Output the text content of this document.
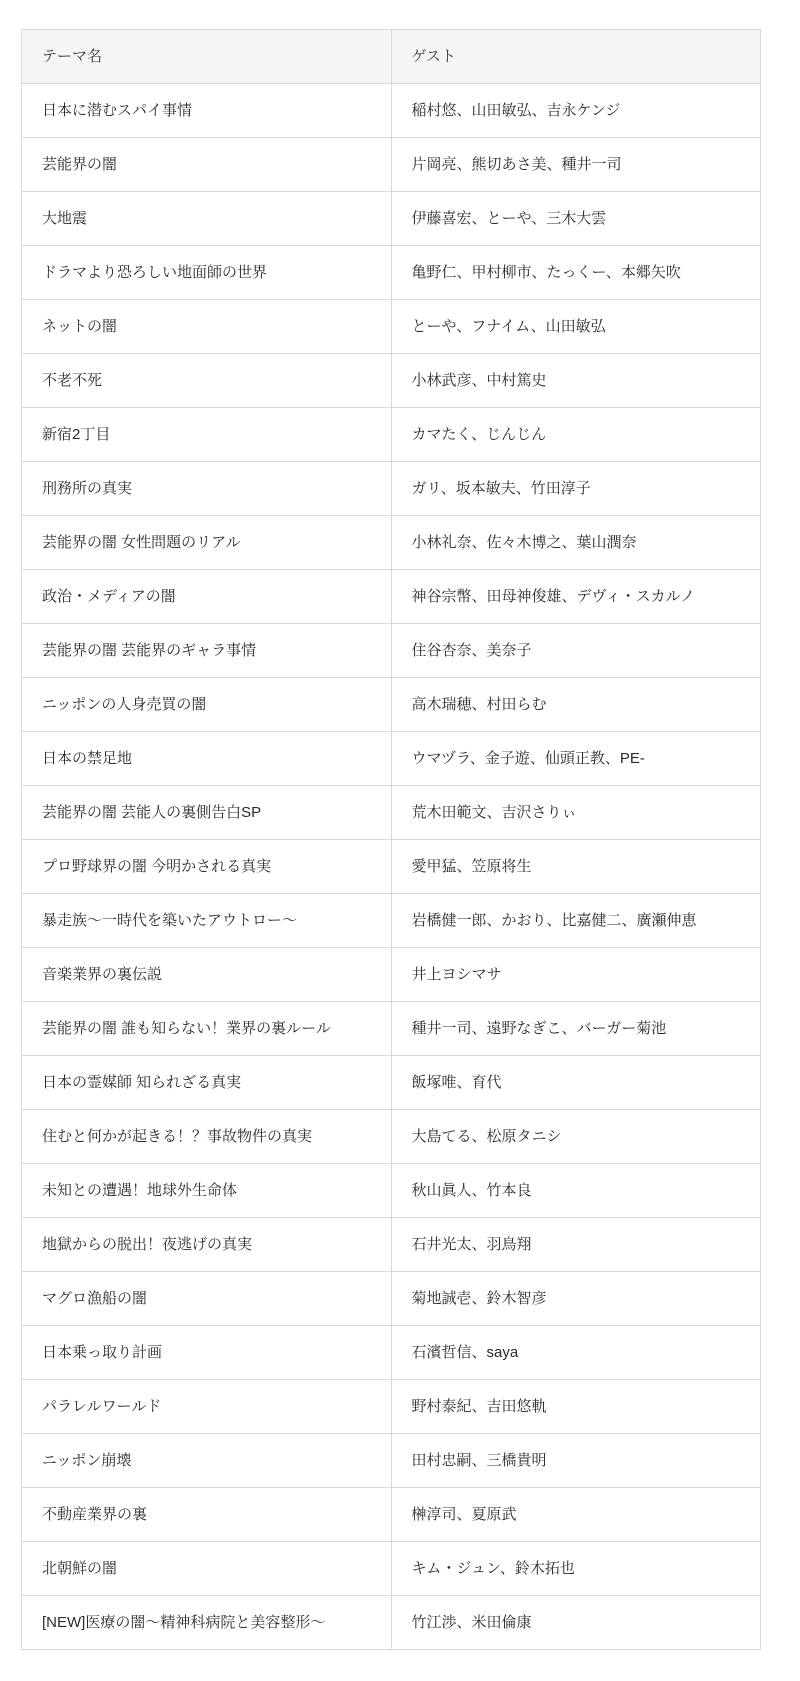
テーマ名	ゲスト
日本に潜むスパイ事情	稲村悠、山田敏弘、吉永ケンジ
芸能界の闇	片岡亮、熊切あさ美、種井一司
大地震	伊藤喜宏、とーや、三木大雲
ドラマより恐ろしい地面師の世界	亀野仁、甲村柳市、たっくー、本郷矢吹
ネットの闇	とーや、フナイム、山田敏弘
不老不死	小林武彦、中村篤史
新宿2丁目	カマたく、じんじん
刑務所の真実	ガリ、坂本敏夫、竹田淳子
芸能界の闇 女性問題のリアル	小林礼奈、佐々木博之、葉山潤奈
政治・メディアの闇	神谷宗幣、田母神俊雄、デヴィ・スカルノ
芸能界の闇 芸能界のギャラ事情	住谷杏奈、美奈子
ニッポンの人身売買の闇	高木瑞穂、村田らむ
日本の禁足地	ウマヅラ、金子遊、仙頭正教、PE-
芸能界の闇 芸能人の裏側告白SP	荒木田範文、吉沢さりぃ
プロ野球界の闇 今明かされる真実	愛甲猛、笠原将生
暴走族〜一時代を築いたアウトロー〜	岩橋健一郎、かおり、比嘉健二、廣瀬伸恵
音楽業界の裏伝説	井上ヨシマサ
芸能界の闇 誰も知らない！業界の裏ルール	種井一司、遠野なぎこ、バーガー菊池
日本の霊媒師 知られざる真実	飯塚唯、育代
住むと何かが起きる！？事故物件の真実	大島てる、松原タニシ
未知との遭遇！地球外生命体	秋山眞人、竹本良
地獄からの脱出！夜逃げの真実	石井光太、羽鳥翔
マグロ漁船の闇	菊地誠壱、鈴木智彦
日本乗っ取り計画	石濱哲信、saya
パラレルワールド	野村泰紀、吉田悠軌
ニッポン崩壊	田村忠嗣、三橋貴明
不動産業界の裏	榊淳司、夏原武
北朝鮮の闇	キム・ジュン、鈴木拓也
[NEW]医療の闇〜精神科病院と美容整形〜	竹江渉、米田倫康
